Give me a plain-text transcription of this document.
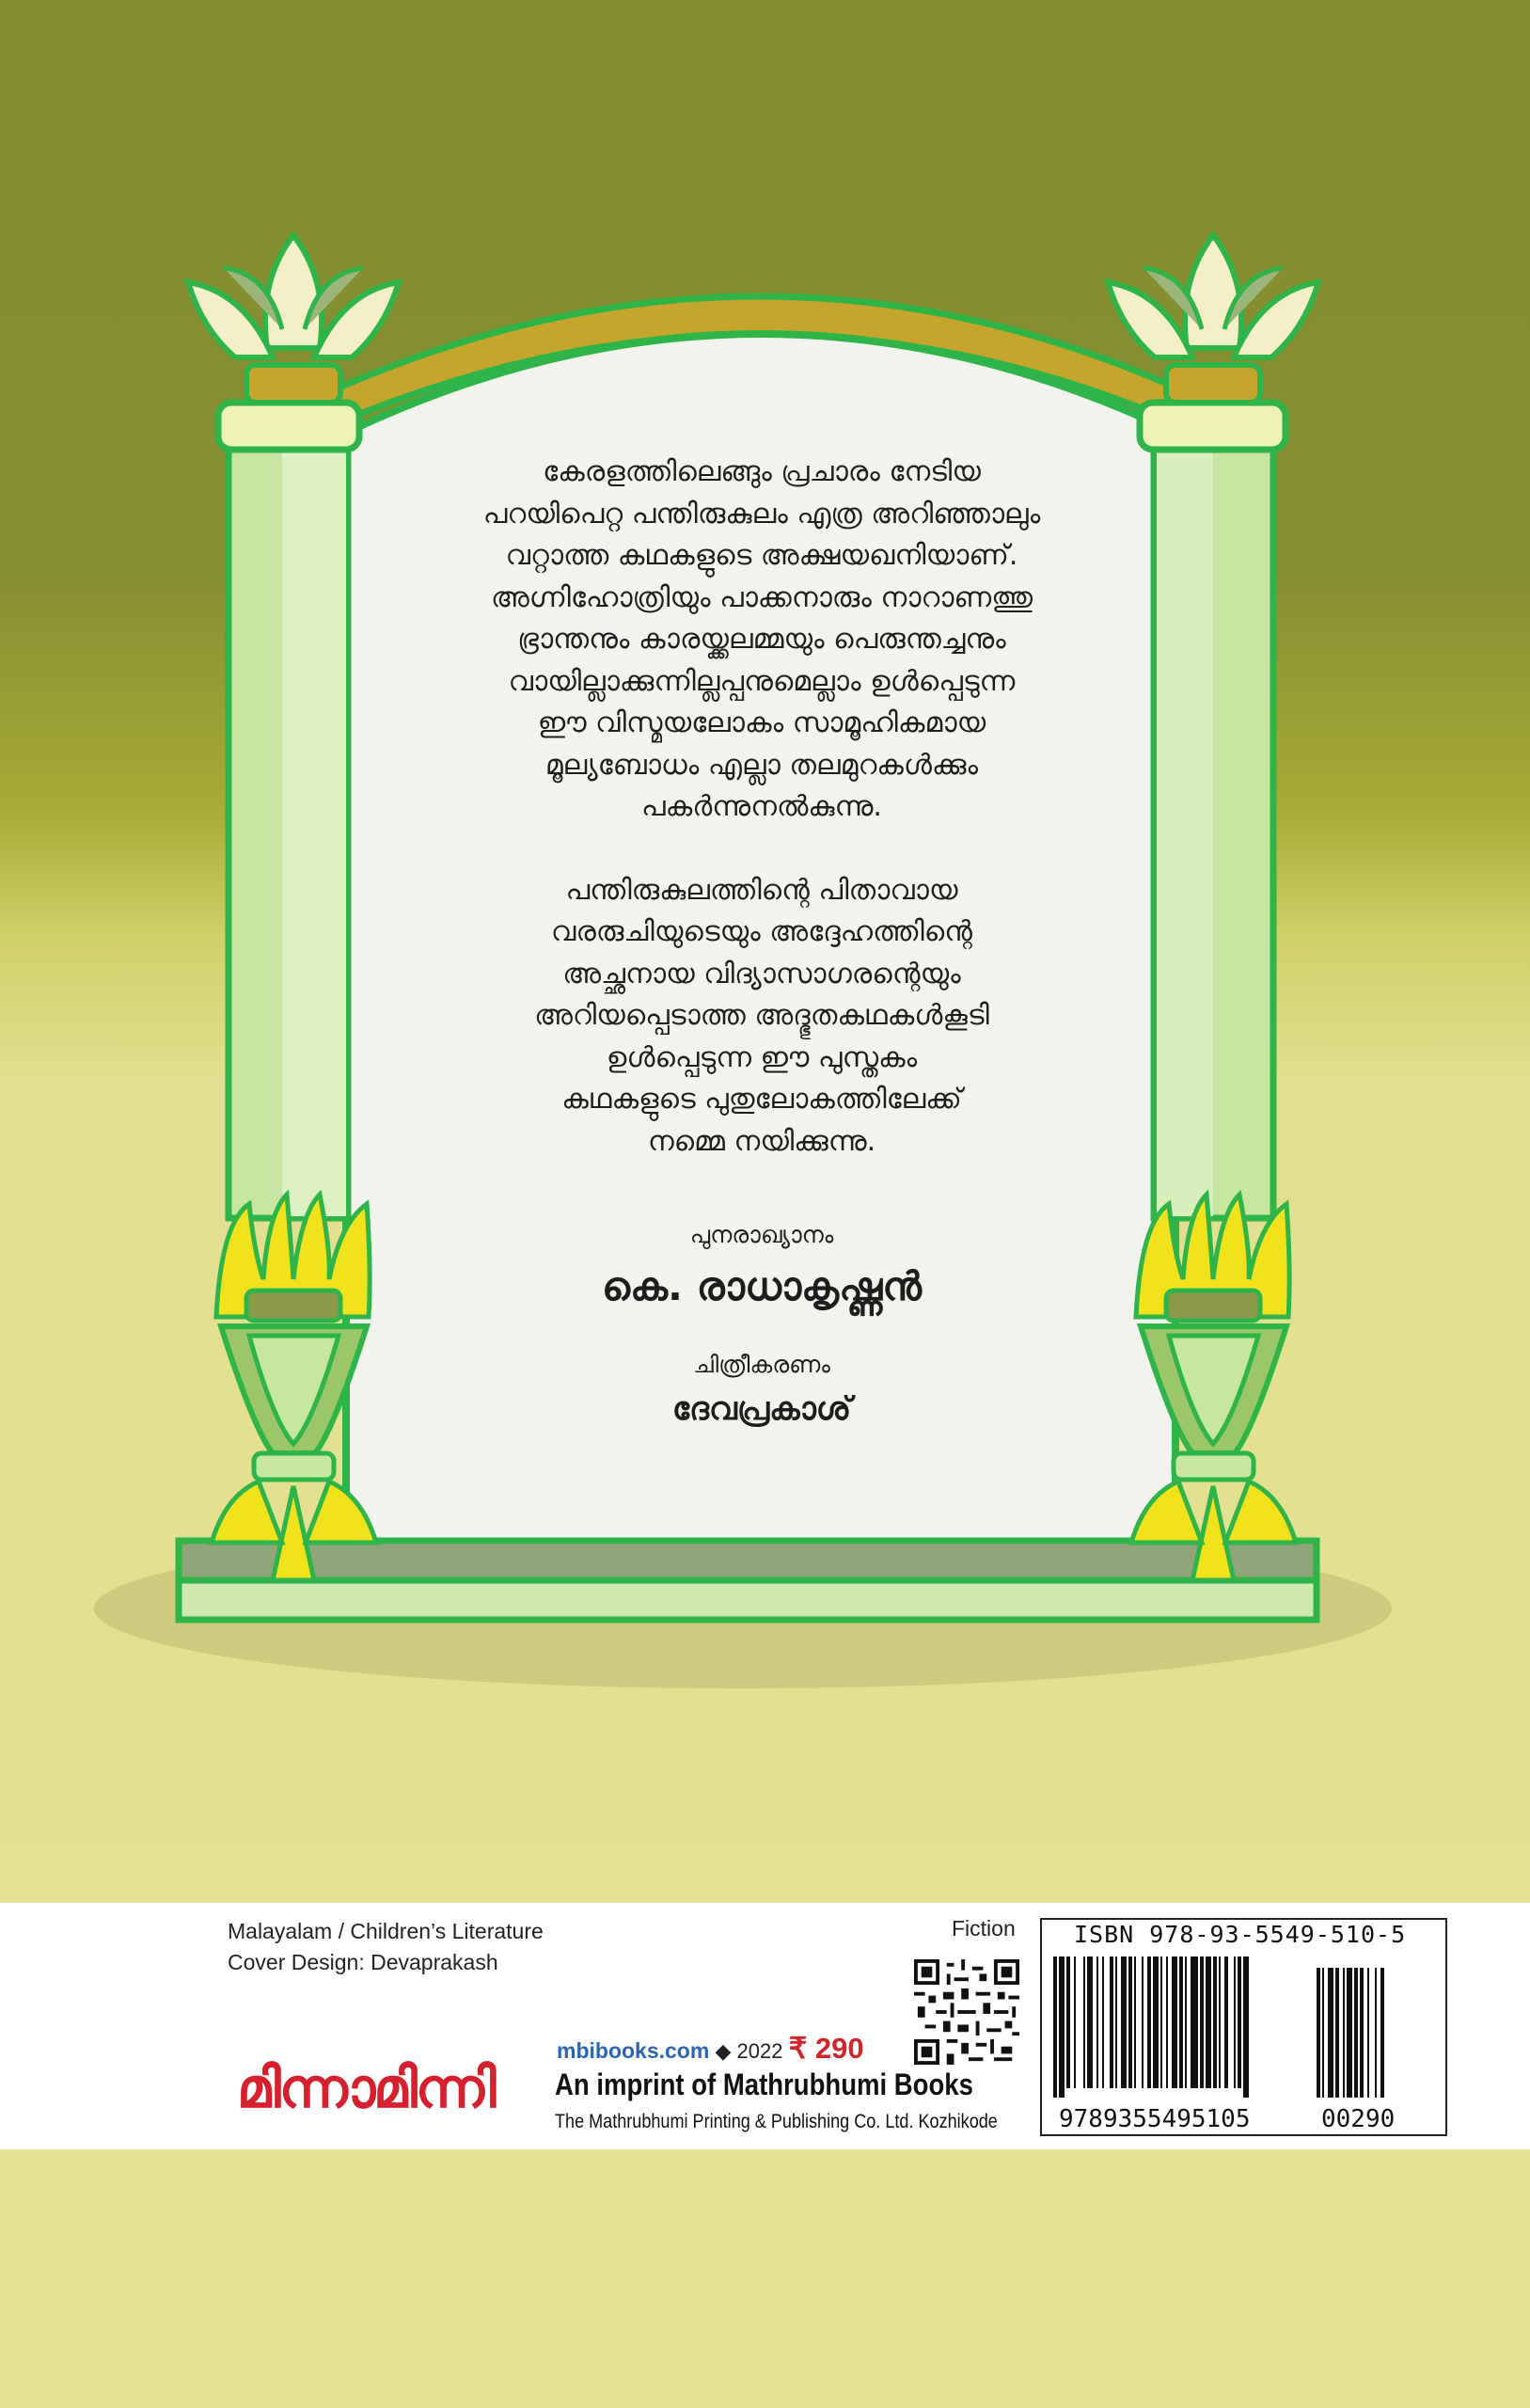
കേരളത്തിലെങ്ങും പ്രചാരം നേടിയ

പറയിപെറ്റ പന്തിരുകുലം എത്ര അറിഞ്ഞാലും

വറ്റാത്ത കഥകളുടെ അക്ഷയഖനിയാണ്.

അഗ്നിഹോത്രിയും പാക്കനാരും നാറാണത്തു

ഭ്രാന്തനും കാരയ്ക്കലമ്മയും പെരുന്തച്ചനും

വായില്ലാക്കുന്നില്ലപ്പനുമെല്ലാം ഉൾപ്പെടുന്ന

ഈ വിസ്മയലോകം സാമൂഹികമായ

മൂല്യബോധം എല്ലാ തലമുറകൾക്കും

പകർന്നുനൽകുന്നു.

പന്തിരുകുലത്തിന്റെ പിതാവായ

വരരുചിയുടെയും അദ്ദേഹത്തിന്റെ

അച്ഛനായ വിദ്യാസാഗരന്റെയും

അറിയപ്പെടാത്ത അദ്ഭുതകഥകൾകൂടി

ഉൾപ്പെടുന്ന ഈ പുസ്തകം

കഥകളുടെ പുതുലോകത്തിലേക്ക്

നമ്മെ നയിക്കുന്നു.

പുനരാഖ്യാനം
കെ. രാധാകൃഷ്ണൻ
ചിത്രീകരണം
ദേവപ്രകാശ്
Malayalam / Children’s Literature
Cover Design: Devaprakash
Fiction
mbibooks.com ◆ 2022 ₹ 290
മിന്നാമിന്നി An imprint of Mathrubhumi Books
The Mathrubhumi Printing & Publishing Co. Ltd. Kozhikode
ISBN 978-93-5549-510-5
9789355495105	00290
